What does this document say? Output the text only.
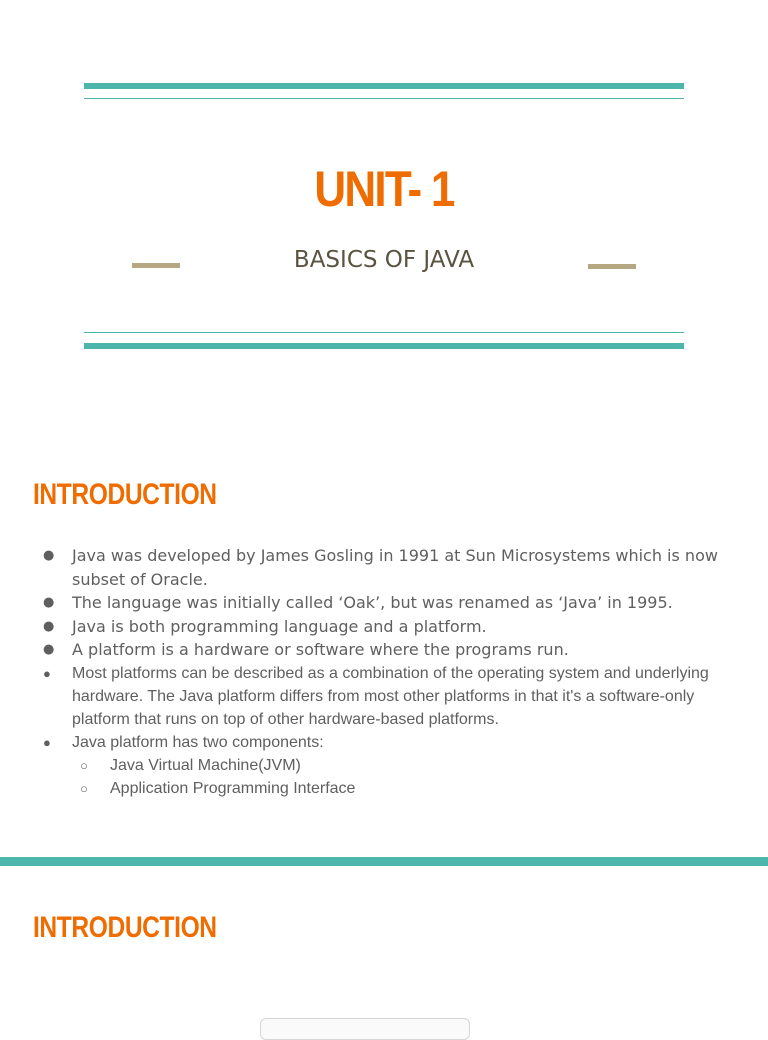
UNIT- 1
BASICS OF JAVA
INTRODUCTION
● Java was developed by James Gosling in 1991 at Sun Microsystems which is now subset of Oracle.
● The language was initially called ‘Oak’, but was renamed as ‘Java’ in 1995.
● Java is both programming language and a platform.
● A platform is a hardware or software where the programs run.
● Most platforms can be described as a combination of the operating system and underlying hardware. The Java platform differs from most other platforms in that it's a software-only platform that runs on top of other hardware-based platforms.
● Java platform has two components:
○ Java Virtual Machine(JVM)
○ Application Programming Interface
INTRODUCTION
